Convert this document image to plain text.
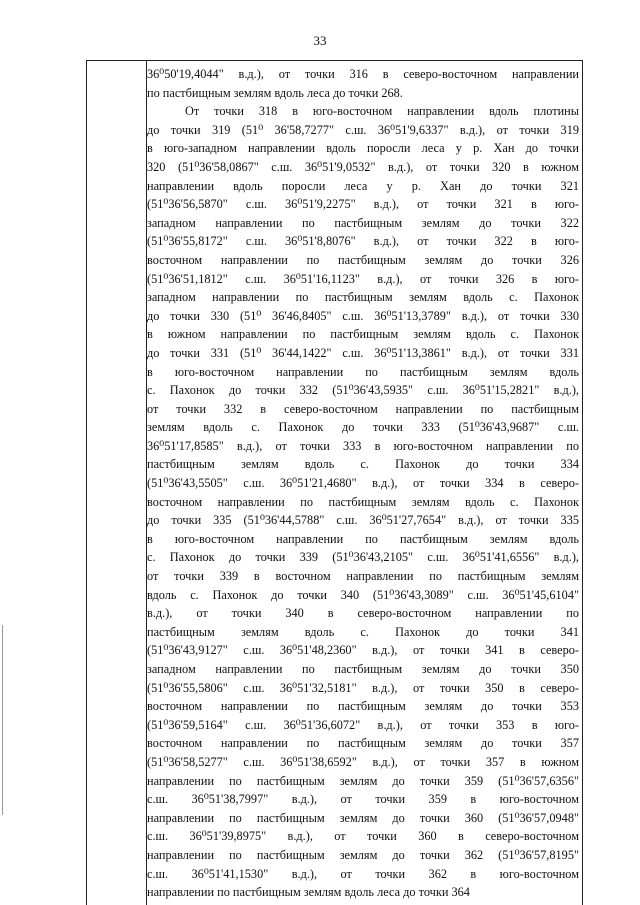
33
36⁰50'19,4044" в.д.), от точки 316 в северо-восточном направлении
по пастбищным землям вдоль леса до точки 268.
От точки 318 в юго-восточном направлении вдоль плотины
до точки 319 (51⁰ 36'58,7277" с.ш. 36⁰51'9,6337" в.д.), от точки 319
в юго-западном направлении вдоль поросли леса у р. Хан до точки
320 (51⁰36'58,0867" с.ш. 36⁰51'9,0532" в.д.), от точки 320 в южном
направлении вдоль поросли леса у р. Хан до точки 321
(51⁰36'56,5870" с.ш. 36⁰51'9,2275" в.д.), от точки 321 в юго-
западном направлении по пастбищным землям до точки 322
(51⁰36'55,8172" с.ш. 36⁰51'8,8076" в.д.), от точки 322 в юго-
восточном направлении по пастбищным землям до точки 326
(51⁰36'51,1812" с.ш. 36⁰51'16,1123" в.д.), от точки 326 в юго-
западном направлении по пастбищным землям вдоль с. Пахонок
до точки 330 (51⁰ 36'46,8405" с.ш. 36⁰51'13,3789" в.д.), от точки 330
в южном направлении по пастбищным землям вдоль с. Пахонок
до точки 331 (51⁰ 36'44,1422" с.ш. 36⁰51'13,3861" в.д.), от точки 331
в юго-восточном направлении по пастбищным землям вдоль
с. Пахонок до точки 332 (51⁰36'43,5935" с.ш. 36⁰51'15,2821" в.д.),
от точки 332 в северо-восточном направлении по пастбищным
землям вдоль с. Пахонок до точки 333 (51⁰36'43,9687" с.ш.
36⁰51'17,8585" в.д.), от точки 333 в юго-восточном направлении по
пастбищным землям вдоль с. Пахонок до точки 334
(51⁰36'43,5505" с.ш. 36⁰51'21,4680" в.д.), от точки 334 в северо-
восточном направлении по пастбищным землям вдоль с. Пахонок
до точки 335 (51⁰36'44,5788" с.ш. 36⁰51'27,7654" в.д.), от точки 335
в юго-восточном направлении по пастбищным землям вдоль
с. Пахонок до точки 339 (51⁰36'43,2105" с.ш. 36⁰51'41,6556" в.д.),
от точки 339 в восточном направлении по пастбищным землям
вдоль с. Пахонок до точки 340 (51⁰36'43,3089" с.ш. 36⁰51'45,6104"
в.д.), от точки 340 в северо-восточном направлении по
пастбищным землям вдоль с. Пахонок до точки 341
(51⁰36'43,9127" с.ш. 36⁰51'48,2360" в.д.), от точки 341 в северо-
западном направлении по пастбищным землям до точки 350
(51⁰36'55,5806" с.ш. 36⁰51'32,5181" в.д.), от точки 350 в северо-
восточном направлении по пастбищным землям до точки 353
(51⁰36'59,5164" с.ш. 36⁰51'36,6072" в.д.), от точки 353 в юго-
восточном направлении по пастбищным землям до точки 357
(51⁰36'58,5277" с.ш. 36⁰51'38,6592" в.д.), от точки 357 в южном
направлении по пастбищным землям до точки 359 (51⁰36'57,6356"
с.ш. 36⁰51'38,7997" в.д.), от точки 359 в юго-восточном
направлении по пастбищным землям до точки 360 (51⁰36'57,0948"
с.ш. 36⁰51'39,8975" в.д.), от точки 360 в северо-восточном
направлении по пастбищным землям до точки 362 (51⁰36'57,8195"
с.ш. 36⁰51'41,1530" в.д.), от точки 362 в юго-восточном
направлении по пастбищным землям вдоль леса до точки 364
